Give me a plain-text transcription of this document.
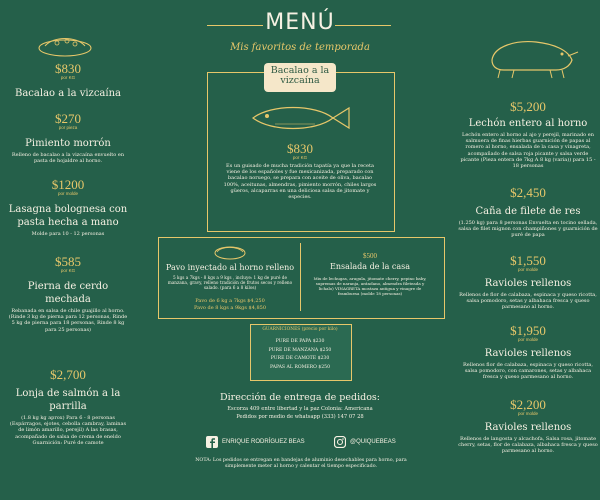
MENÚ
Mis favoritos de temporada
$830
por KG
Bacalao a la vizcaína
$270
por pieza
Pimiento morrón
Relleno de bacalao a la vizcaína envuelto en pasta de hojaldre al horno.
$1200
por molde
Lasagna bolognesa con pasta hecha a mano
Molde para 10 - 12 personas
$585
por KG
Pierna de cerdo mechada
Rebanada en salsa de chile guajillo al horno. (Rinde 3 kg de pierna para 12 personas, Rinde 5 kg de pierna para 18 personas, Rinde 8 kg para 25 personas)
$2,700
Lonja de salmón a la parrilla
(1.8 kg kg aprox) Para 6 - 8 personas (Espárragos, ejotes, cebolla cambray, laminas de limón amarillo, perejil) A las brasas, acompañado de salsa de crema de eneldo Guarnición: Puré de camote
Bacalao a la vizcaína
$830
por KG
Es un guisado de mucha tradición tapatía ya que la receta viene de los españoles y fue mexicanizada, preparado con bacalao noruego, se prepara con aceite de oliva, bacalao 100%, aceitunas, almendras, pimiento morrón, chiles largos güeros, alcaparras en una deliciosa salsa de jitomate y especies.
Pavo inyectado al horno relleno
5 kgs a 7kgs - 8 kgs a 9 kgs , incluye: 1 kg de puré de manzana, gravy, relleno tradición de frutos secos y relleno salado. (para 6 a 8 kilos)
Pavo de 6 kg a 7kgs $4,250
Pavo de 8 kgs a 9kgs $4,850
$500
Ensalada de la casa
Mix de lechugas, arugula, jitomate cherry, pepino baby, supremas de naranja, arándano, almendra fileteada y lichalo) VINAGRETA mostaza antigua y vinagre de frambuesa (molde 18 personas)
GUARNICIONES (precio por kilo)
PURE DE PAPA $230
PURE DE MANZANA $250
PURE DE CAMOTE $230
PAPAS AL ROMERO $250
Dirección de entrega de pedidos:
Escorza 409 entre libertad y la paz Colonia: Americana
Pedidos por medio de whatsapp (333) 147 07 28
ENRIQUE RODRÍGUEZ BEAS	@QUIQUEBEAS
NOTA: Los pedidos se entregan en bandejas de aluminio desechables para horno, para simplemente meter al horno y calentar el tiempo especificado.
$5,200
Lechón entero al horno
Lechón entero al horno al ajo y perejil, marinado en salmuera de finas hierbas guarnición de papas al romero al horno, ensalada de la casa y vinagreta, acompañado de salsa roja picante y salsa verde picante (Pieza entera de 7kg A 8 kg (varia)) para 15 - 18 personas
$2,450
Caña de filete de res
(1.250 kg) para 8 personas Envuelta en tocino sellada, salsa de filet mignon con champiñones y guarnición de puré de papa
$1,550
por molde
Ravioles rellenos
Rellenos de flor de calabaza, espinaca y queso ricotta, salsa pomodoro, setas y albahaca fresca y queso parmesano al horno.
$1,950
por molde
Ravioles rellenos
Rellenos flor de calabaza, espinaca y queso ricotta, salsa pomodoro, con camarones, setas y albahaca fresca y queso parmesano al horno.
$2,200
por molde
Ravioles rellenos
Rellenos de langosta y alcachofa, Salsa rosa, jitomate cherry, setas, flor de calabaza, albahaca fresca y queso parmesano al horno.
